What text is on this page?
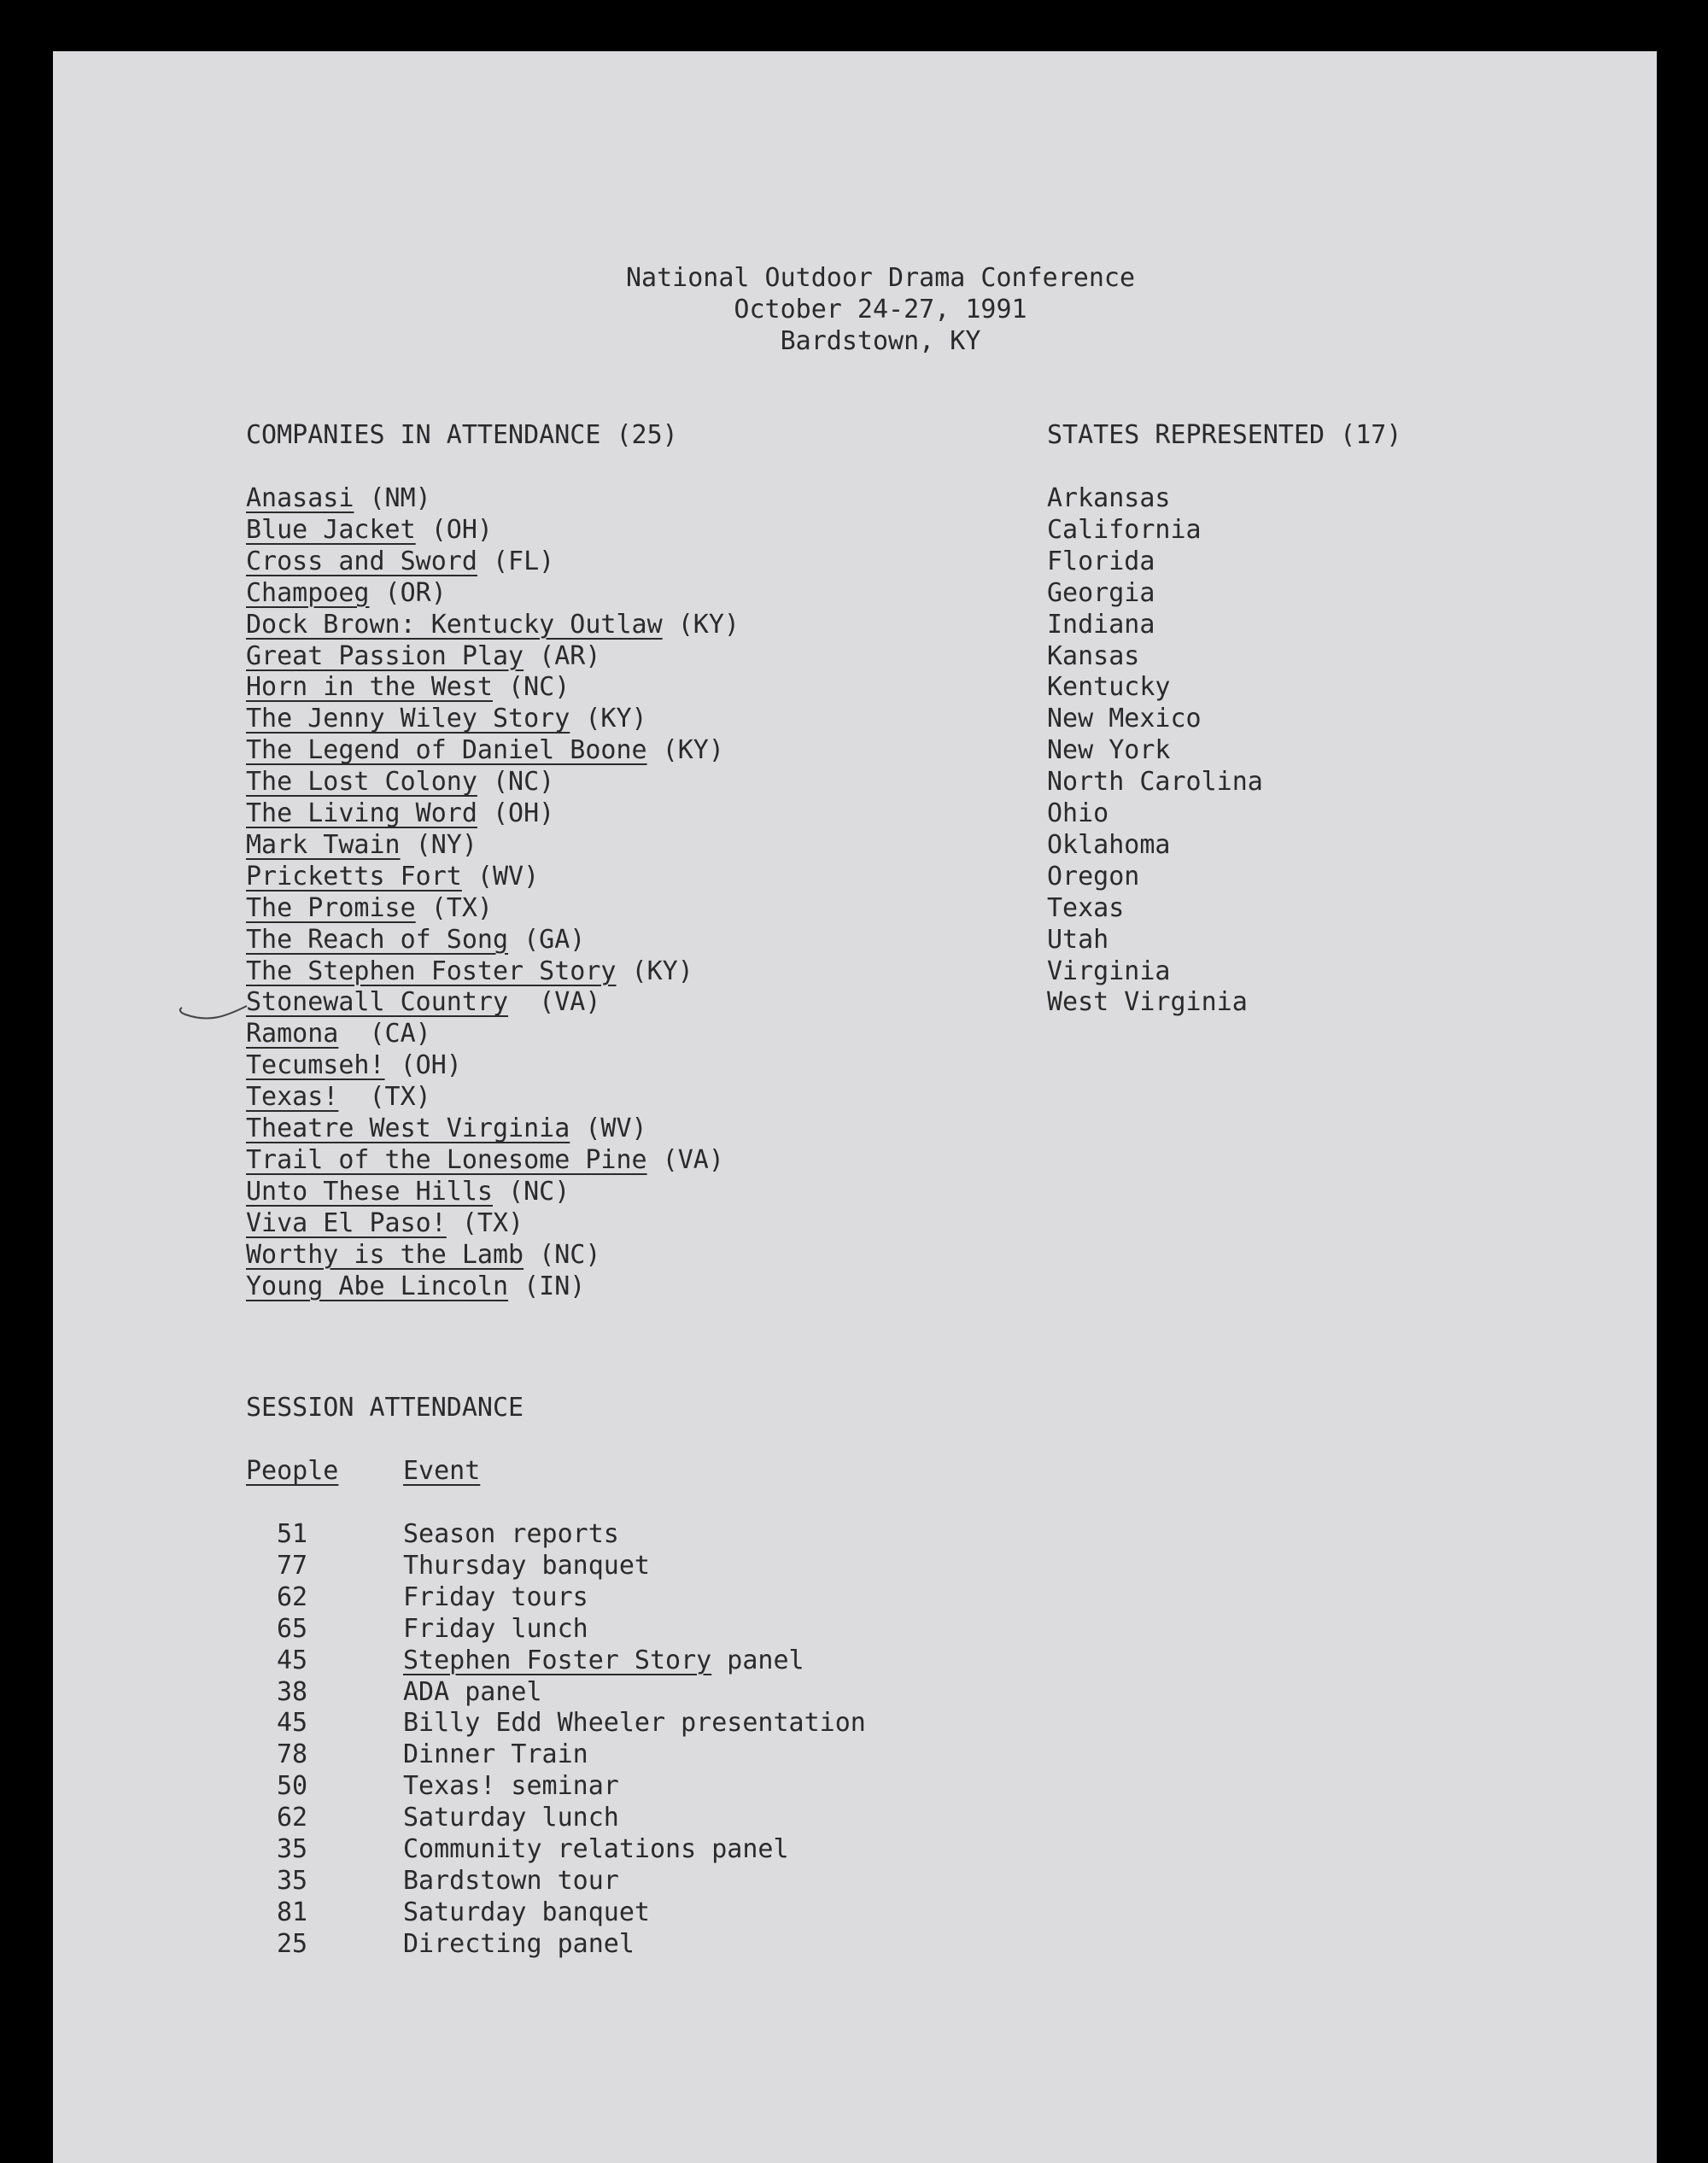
National Outdoor Drama Conference
October 24-27, 1991
Bardstown, KY
COMPANIES IN ATTENDANCE (25)	STATES REPRESENTED (17)
Anasasi (NM)
Blue Jacket (OH)
Cross and Sword (FL)
Champoeg (OR)
Dock Brown: Kentucky Outlaw (KY)
Great Passion Play (AR)
Horn in the West (NC)
The Jenny Wiley Story (KY)
The Legend of Daniel Boone (KY)
The Lost Colony (NC)
The Living Word (OH)
Mark Twain (NY)
Pricketts Fort (WV)
The Promise (TX)
The Reach of Song (GA)
The Stephen Foster Story (KY)
Stonewall Country  (VA)
Ramona  (CA)
Tecumseh! (OH)
Texas!  (TX)
Theatre West Virginia (WV)
Trail of the Lonesome Pine (VA)
Unto These Hills (NC)
Viva El Paso! (TX)
Worthy is the Lamb (NC)
Young Abe Lincoln (IN)
Arkansas
California
Florida
Georgia
Indiana
Kansas
Kentucky
New Mexico
New York
North Carolina
Ohio
Oklahoma
Oregon
Texas
Utah
Virginia
West Virginia
SESSION ATTENDANCE
People	Event
51	Season reports
77	Thursday banquet
62	Friday tours
65	Friday lunch
45	Stephen Foster Story panel
38	ADA panel
45	Billy Edd Wheeler presentation
78	Dinner Train
50	Texas! seminar
62	Saturday lunch
35	Community relations panel
35	Bardstown tour
81	Saturday banquet
25	Directing panel
